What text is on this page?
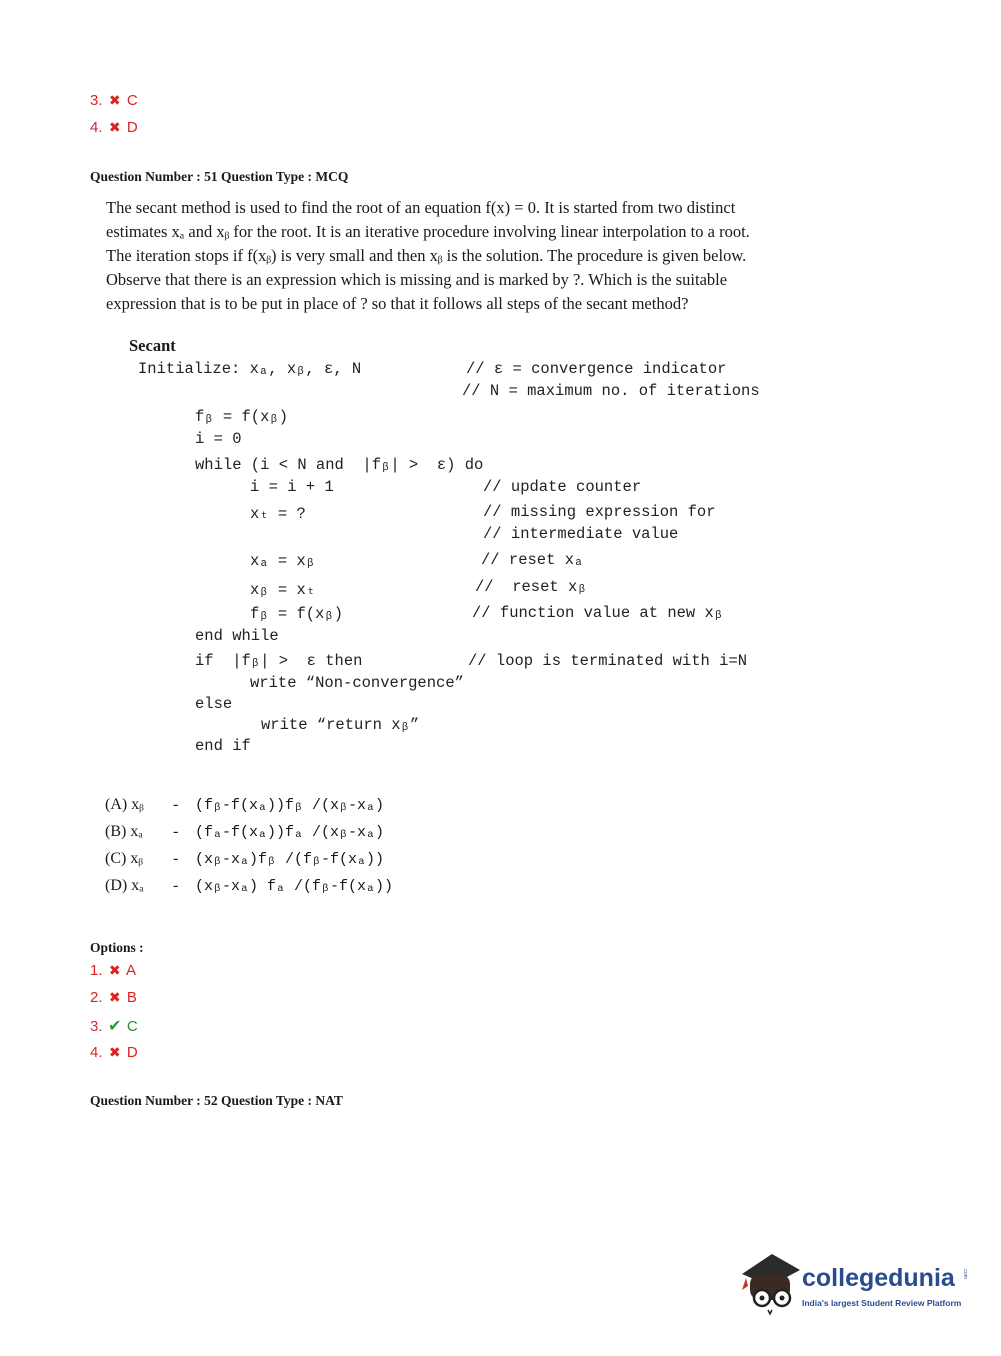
3. ✖ C
4. ✖ D
Question Number : 51 Question Type : MCQ
The secant method is used to find the root of an equation f(x) = 0. It is started from two distinct
estimates xₐ and xᵦ for the root. It is an iterative procedure involving linear interpolation to a root.
The iteration stops if f(xᵦ) is very small and then xᵦ is the solution. The procedure is given below.
Observe that there is an expression which is missing and is marked by ?. Which is the suitable
expression that is to be put in place of ? so that it follows all steps of the secant method?
Secant
Initialize: xₐ, xᵦ, ε, N	// ε = convergence indicator
// N = maximum no. of iterations
fᵦ = f(xᵦ)
i = 0
while (i < N and  |fᵦ| >  ε) do
i = i + 1	// update counter
xₜ = ?	// missing expression for
// intermediate value
xₐ = xᵦ	// reset xₐ
xᵦ = xₜ	//  reset xᵦ
fᵦ = f(xᵦ)	// function value at new xᵦ
end while
if  |fᵦ| >  ε then	// loop is terminated with i=N
write “Non-convergence”
else
write “return xᵦ”
end if
(A) xᵦ - (fᵦ-f(xₐ))fᵦ /(xᵦ-xₐ)
(B) xₐ - (fₐ-f(xₐ))fₐ /(xᵦ-xₐ)
(C) xᵦ - (xᵦ-xₐ)fᵦ /(fᵦ-f(xₐ))
(D) xₐ - (xᵦ-xₐ) fₐ /(fᵦ-f(xₐ))
Options :
1. ✖ A
2. ✖ B
3. ✔ C
4. ✖ D
Question Number : 52 Question Type : NAT
collegedunia .com
India's largest Student Review Platform
